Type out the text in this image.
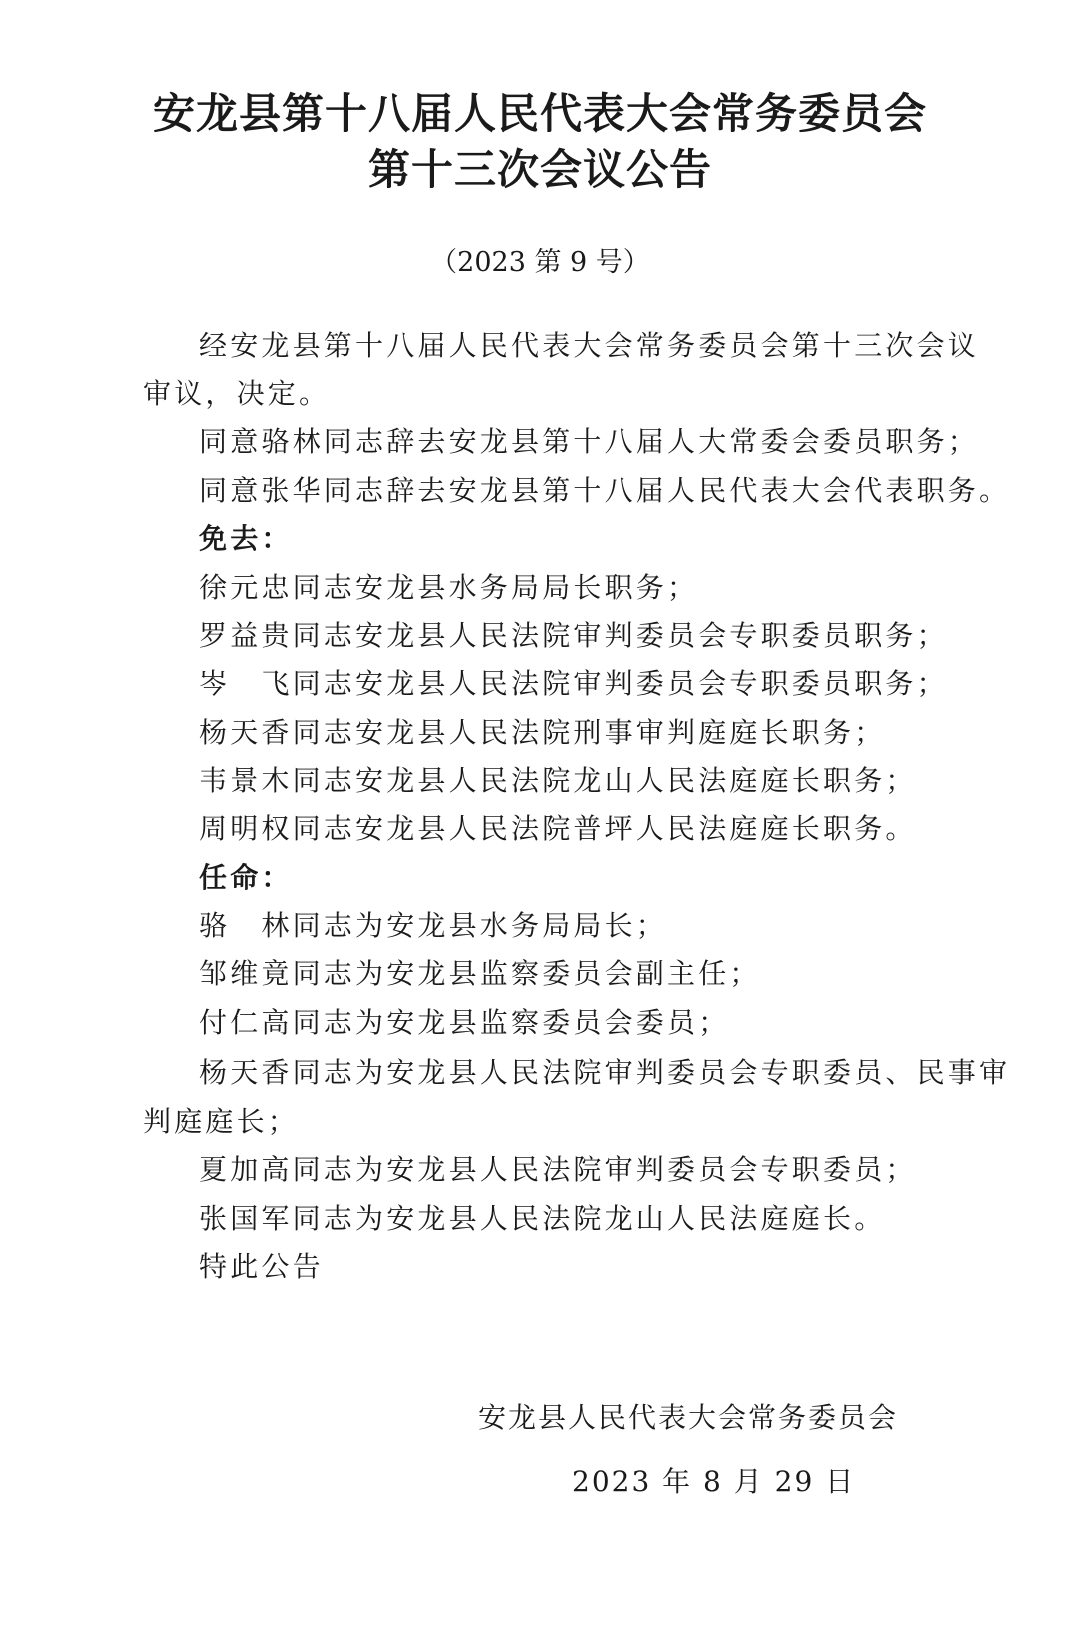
安龙县第十八届人民代表大会常务委员会
第十三次会议公告
（2023 第 9 号）

经安龙县第十八届人民代表大会常务委员会第十三次会议

审议，决定。

同意骆林同志辞去安龙县第十八届人大常委会委员职务；

同意张华同志辞去安龙县第十八届人民代表大会代表职务。

免去：

徐元忠同志安龙县水务局局长职务；

罗益贵同志安龙县人民法院审判委员会专职委员职务；

岑　飞同志安龙县人民法院审判委员会专职委员职务；

杨天香同志安龙县人民法院刑事审判庭庭长职务；

韦景木同志安龙县人民法院龙山人民法庭庭长职务；

周明权同志安龙县人民法院普坪人民法庭庭长职务。

任命：

骆　林同志为安龙县水务局局长；

邹维竟同志为安龙县监察委员会副主任；

付仁高同志为安龙县监察委员会委员；

杨天香同志为安龙县人民法院审判委员会专职委员、民事审

判庭庭长；

夏加高同志为安龙县人民法院审判委员会专职委员；

张国军同志为安龙县人民法院龙山人民法庭庭长。

特此公告

安龙县人民代表大会常务委员会
2023 年 8 月 29 日
